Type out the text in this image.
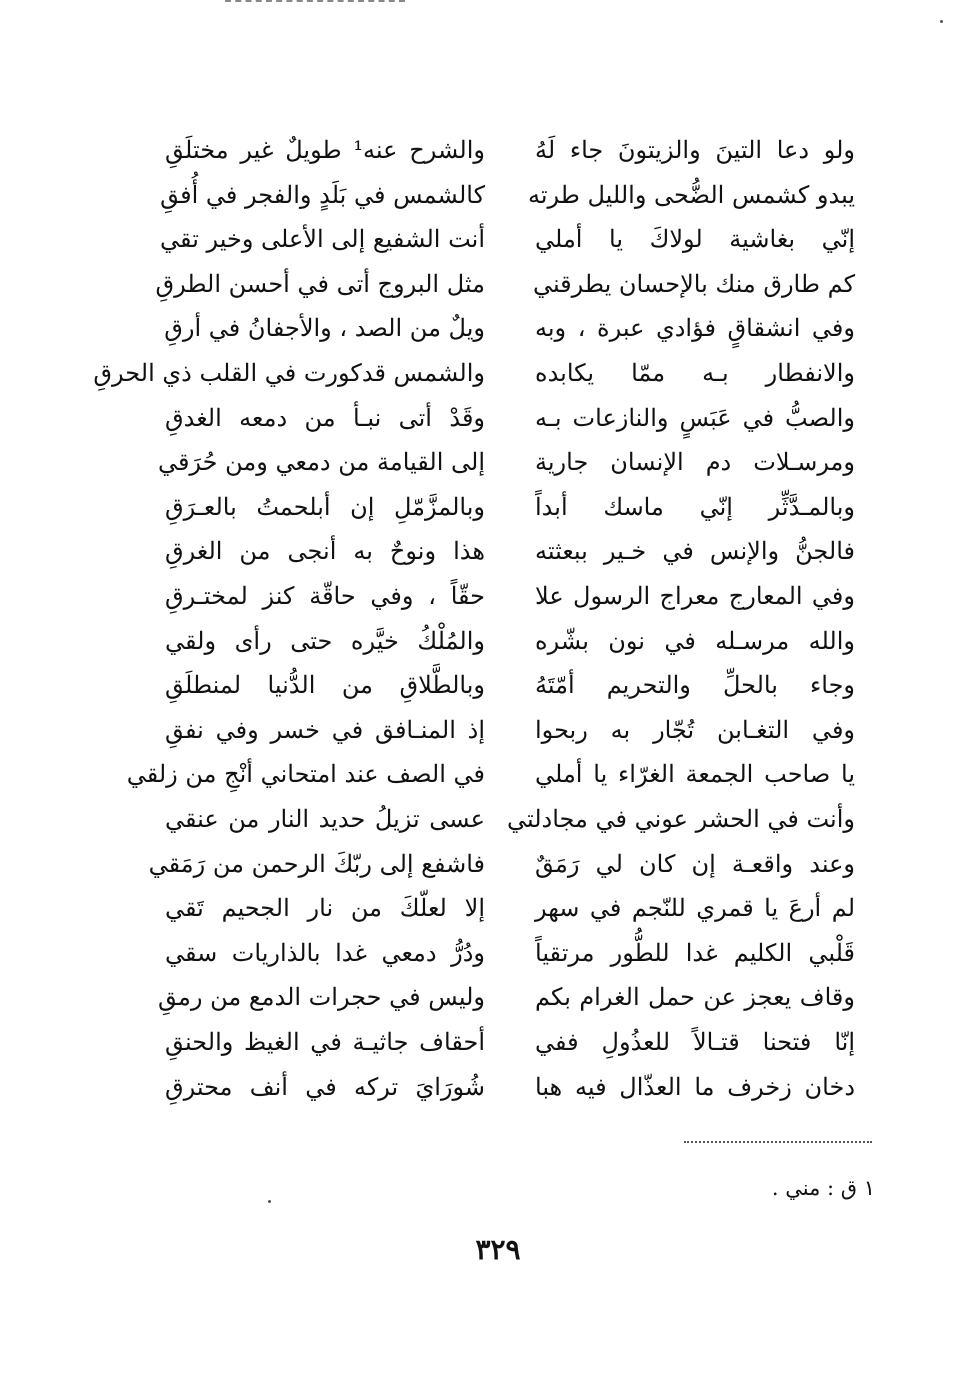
ولو دعا التينَ والزيتونَ جاء لَهُ
والشرح عنه¹ طويلٌ غير مختلَقِ
يبدو كشمس الضُّحى والليل طرته
كالشمس في بَلَدٍ والفجر في أُفقِ
إنّي بغاشية لولاكَ يا أملي
أنت الشفيع إلى الأعلى وخير تقي
كم طارق منك بالإحسان يطرقني
مثل البروج أتى في أحسن الطرقِ
وفي انشقاقٍ فؤادي عبرة ، وبه
ويلٌ من الصد ، والأجفانُ في أرقِ
والانفطار بـه ممّا يكابده
والشمس قدكورت في القلب ذي الحرقِ
والصبُّ في عَبَسٍ والنازعات بـه
وقَدْ أتى نبـأ من دمعه الغدقِ
ومرسـلات دم الإنسان جارية
إلى القيامة من دمعي ومن حُرَقي
وبالمـدَّثِّر إنّي ماسك أبداً
وبالمزَّمّلِ إن أبلحمتُ بالعـرَقِ
فالجنُّ والإنس في خـير ببعثته
هذا ونوحٌ به أنجى من الغرقِ
وفي المعارج معراج الرسول علا
حقّاً ، وفي حاقّة كنز لمختـرقِ
والله مرسـله في نون بشّره
والمُلْكُ خيَّره حتى رأى ولقي
وجاء بالحلِّ والتحريم أمّتَهُ
وبالطَّلاقِ من الدُّنيا لمنطلَقِ
وفي التغـابن تُجّار به ربحوا
إذ المنـافق في خسر وفي نفقِ
يا صاحب الجمعة الغرّاء يا أملي
في الصف عند امتحاني أنْجِ من زلقي
وأنت في الحشر عوني في مجادلتي
عسى تزيلُ حديد النار من عنقي
وعند واقعـة إن كان لي رَمَقٌ
فاشفع إلى ربّكَ الرحمن من رَمَقي
لم أرعَ يا قمري للنّجم في سهر
إلا لعلّكَ من نار الجحيم تَقي
قَلْبي الكليم غدا للطُّور مرتقياً
ودُرُّ دمعي غدا بالذاريات سقي
وقاف يعجز عن حمل الغرام بكم
وليس في حجرات الدمع من رمقِ
إنّا فتحنا قتـالاً للعذُولِ ففي
أحقاف جاثيـة في الغيظ والحنقِ
دخان زخرف ما العذّال فيه هبا
شُورَايَ تركه في أنف محترقِ
١ ق : مني .
٣٢٩
